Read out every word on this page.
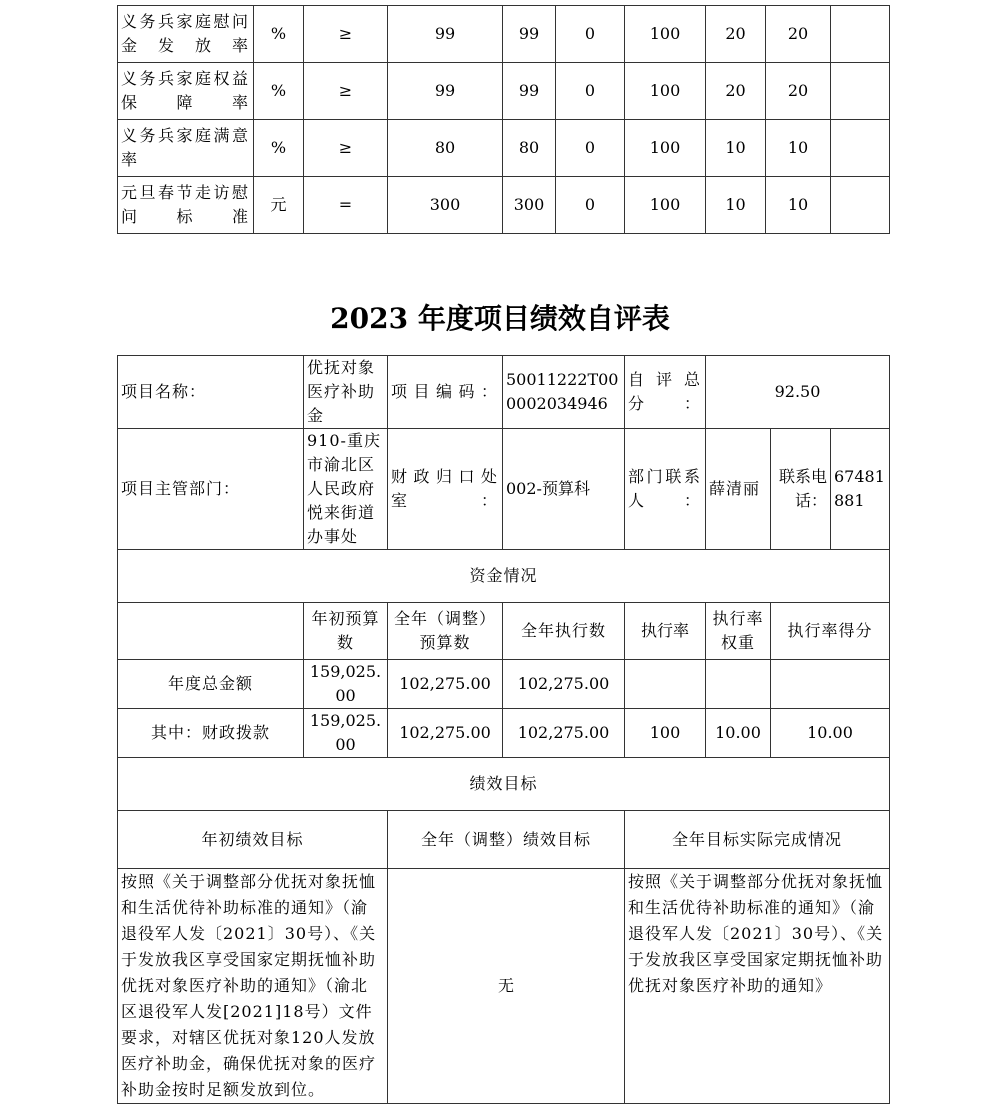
义务兵家庭慰问金发放率	%	≥	99	99	0	100	20	20	
义务兵家庭权益保障率	%	≥	99	99	0	100	20	20	
义务兵家庭满意率	%	≥	80	80	0	100	10	10	
元旦春节走访慰问标准	元	=	300	300	0	100	10	10	
2023 年度项目绩效自评表
项目名称：	优抚对象医疗补助金	项目编码：	50011222T000002034946	自评总分：	92.50		
项目主管部门：	910-重庆市渝北区人民政府悦来街道办事处	财政归口处室：	002-预算科	部门联系人：	薛清丽	联系电话：	67481881
资金情况							
	年初预算数	全年（调整）预算数	全年执行数	执行率	执行率权重	执行率得分	
年度总金额	159,025.00	102,275.00	102,275.00				
其中：财政拨款	159,025.00	102,275.00	102,275.00	100	10.00	10.00	
绩效目标							
年初绩效目标		全年（调整）绩效目标		全年目标实际完成情况			
按照《关于调整部分优抚对象抚恤和生活优待补助标准的通知》（渝退役军人发〔2021〕30号）、《关于发放我区享受国家定期抚恤补助优抚对象医疗补助的通知》（渝北区退役军人发[2021]18号）文件要求，对辖区优抚对象120人发放医疗补助金，确保优抚对象的医疗补助金按时足额发放到位。		无		按照《关于调整部分优抚对象抚恤和生活优待补助标准的通知》（渝退役军人发〔2021〕30号）、《关于发放我区享受国家定期抚恤补助优抚对象医疗补助的通知》			
